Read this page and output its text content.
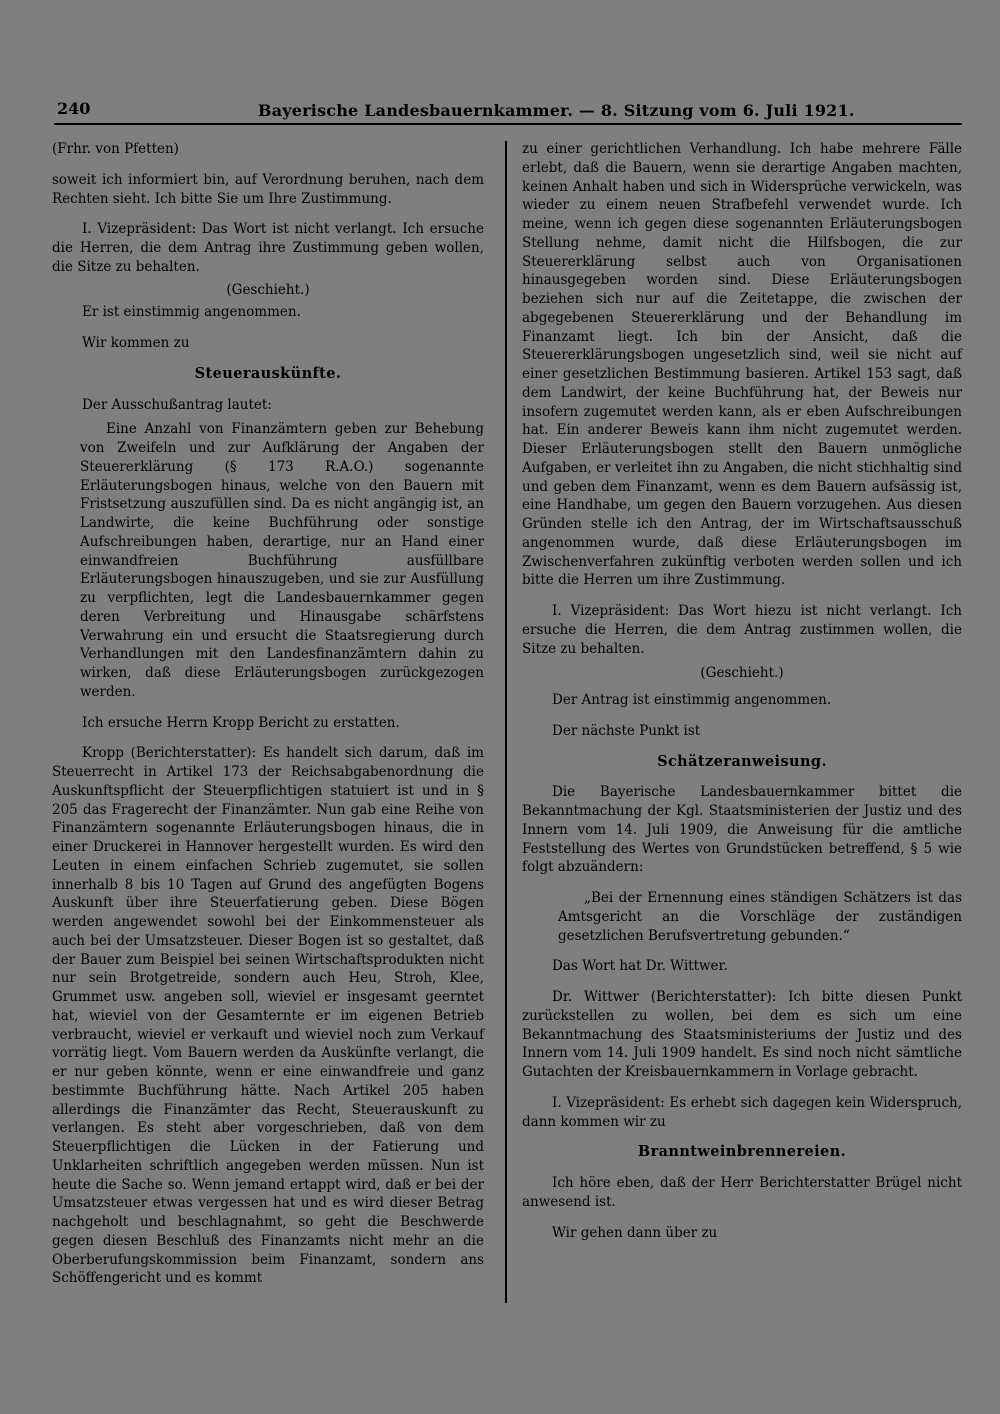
240	Bayerische Landesbauernkammer. — 8. Sitzung vom 6. Juli 1921.

(Frhr. von Pfetten)

soweit ich informiert bin, auf Verordnung beruhen, nach dem Rechten sieht. Ich bitte Sie um Ihre Zustimmung.

I. Vizepräsident: Das Wort ist nicht verlangt. Ich ersuche die Herren, die dem Antrag ihre Zustimmung geben wollen, die Sitze zu behalten.

(Geschieht.)

Er ist einstimmig angenommen.

Wir kommen zu

Steuerauskünfte.

Der Ausschußantrag lautet:

Eine Anzahl von Finanzämtern geben zur Behebung von Zweifeln und zur Aufklärung der Angaben der Steuererklärung (§ 173 R.A.O.) sogenannte Erläuterungsbogen hinaus, welche von den Bauern mit Fristsetzung auszufüllen sind. Da es nicht angängig ist, an Landwirte, die keine Buchführung oder sonstige Aufschreibungen haben, derartige, nur an Hand einer einwandfreien Buchführung ausfüllbare Erläuterungsbogen hinauszugeben, und sie zur Ausfüllung zu verpflichten, legt die Landesbauernkammer gegen deren Verbreitung und Hinausgabe schärfstens Verwahrung ein und ersucht die Staatsregierung durch Verhandlungen mit den Landesfinanzämtern dahin zu wirken, daß diese Erläuterungsbogen zurückgezogen werden.

Ich ersuche Herrn Kropp Bericht zu erstatten.

Kropp (Berichterstatter): Es handelt sich darum, daß im Steuerrecht in Artikel 173 der Reichsabgabenordnung die Auskunftspflicht der Steuerpflichtigen statuiert ist und in § 205 das Fragerecht der Finanzämter. Nun gab eine Reihe von Finanzämtern sogenannte Erläuterungsbogen hinaus, die in einer Druckerei in Hannover hergestellt wurden. Es wird den Leuten in einem einfachen Schrieb zugemutet, sie sollen innerhalb 8 bis 10 Tagen auf Grund des angefügten Bogens Auskunft über ihre Steuerfatierung geben. Diese Bögen werden angewendet sowohl bei der Einkommensteuer als auch bei der Umsatzsteuer. Dieser Bogen ist so gestaltet, daß der Bauer zum Beispiel bei seinen Wirtschaftsprodukten nicht nur sein Brotgetreide, sondern auch Heu, Stroh, Klee, Grummet usw. angeben soll, wieviel er insgesamt geerntet hat, wieviel von der Gesamternte er im eigenen Betrieb verbraucht, wieviel er verkauft und wieviel noch zum Verkauf vorrätig liegt. Vom Bauern werden da Auskünfte verlangt, die er nur geben könnte, wenn er eine einwandfreie und ganz bestimmte Buchführung hätte. Nach Artikel 205 haben allerdings die Finanzämter das Recht, Steuerauskunft zu verlangen. Es steht aber vorgeschrieben, daß von dem Steuerpflichtigen die Lücken in der Fatierung und Unklarheiten schriftlich angegeben werden müssen. Nun ist heute die Sache so. Wenn jemand ertappt wird, daß er bei der Umsatzsteuer etwas vergessen hat und es wird dieser Betrag nachgeholt und beschlagnahmt, so geht die Beschwerde gegen diesen Beschluß des Finanzamts nicht mehr an die Oberberufungskommission beim Finanzamt, sondern ans Schöffengericht und es kommt

zu einer gerichtlichen Verhandlung. Ich habe mehrere Fälle erlebt, daß die Bauern, wenn sie derartige Angaben machten, keinen Anhalt haben und sich in Widersprüche verwickeln, was wieder zu einem neuen Strafbefehl verwendet wurde. Ich meine, wenn ich gegen diese sogenannten Erläuterungsbogen Stellung nehme, damit nicht die Hilfsbogen, die zur Steuererklärung selbst auch von Organisationen hinausgegeben worden sind. Diese Erläuterungsbogen beziehen sich nur auf die Zeitetappe, die zwischen der abgegebenen Steuererklärung und der Behandlung im Finanzamt liegt. Ich bin der Ansicht, daß die Steuererklärungsbogen ungesetzlich sind, weil sie nicht auf einer gesetzlichen Bestimmung basieren. Artikel 153 sagt, daß dem Landwirt, der keine Buchführung hat, der Beweis nur insofern zugemutet werden kann, als er eben Aufschreibungen hat. Ein anderer Beweis kann ihm nicht zugemutet werden. Dieser Erläuterungsbogen stellt den Bauern unmögliche Aufgaben, er verleitet ihn zu Angaben, die nicht stichhaltig sind und geben dem Finanzamt, wenn es dem Bauern aufsässig ist, eine Handhabe, um gegen den Bauern vorzugehen. Aus diesen Gründen stelle ich den Antrag, der im Wirtschaftsausschuß angenommen wurde, daß diese Erläuterungsbogen im Zwischenverfahren zukünftig verboten werden sollen und ich bitte die Herren um ihre Zustimmung.

I. Vizepräsident: Das Wort hiezu ist nicht verlangt. Ich ersuche die Herren, die dem Antrag zustimmen wollen, die Sitze zu behalten.

(Geschieht.)

Der Antrag ist einstimmig angenommen.

Der nächste Punkt ist

Schätzeranweisung.

Die Bayerische Landesbauernkammer bittet die Bekanntmachung der Kgl. Staatsministerien der Justiz und des Innern vom 14. Juli 1909, die Anweisung für die amtliche Feststellung des Wertes von Grundstücken betreffend, § 5 wie folgt abzuändern:

„Bei der Ernennung eines ständigen Schätzers ist das Amtsgericht an die Vorschläge der zuständigen gesetzlichen Berufsvertretung gebunden.“

Das Wort hat Dr. Wittwer.

Dr. Wittwer (Berichterstatter): Ich bitte diesen Punkt zurückstellen zu wollen, bei dem es sich um eine Bekanntmachung des Staatsministeriums der Justiz und des Innern vom 14. Juli 1909 handelt. Es sind noch nicht sämtliche Gutachten der Kreisbauernkammern in Vorlage gebracht.

I. Vizepräsident: Es erhebt sich dagegen kein Widerspruch, dann kommen wir zu

Branntweinbrennereien.

Ich höre eben, daß der Herr Berichterstatter Brügel nicht anwesend ist.

Wir gehen dann über zu
